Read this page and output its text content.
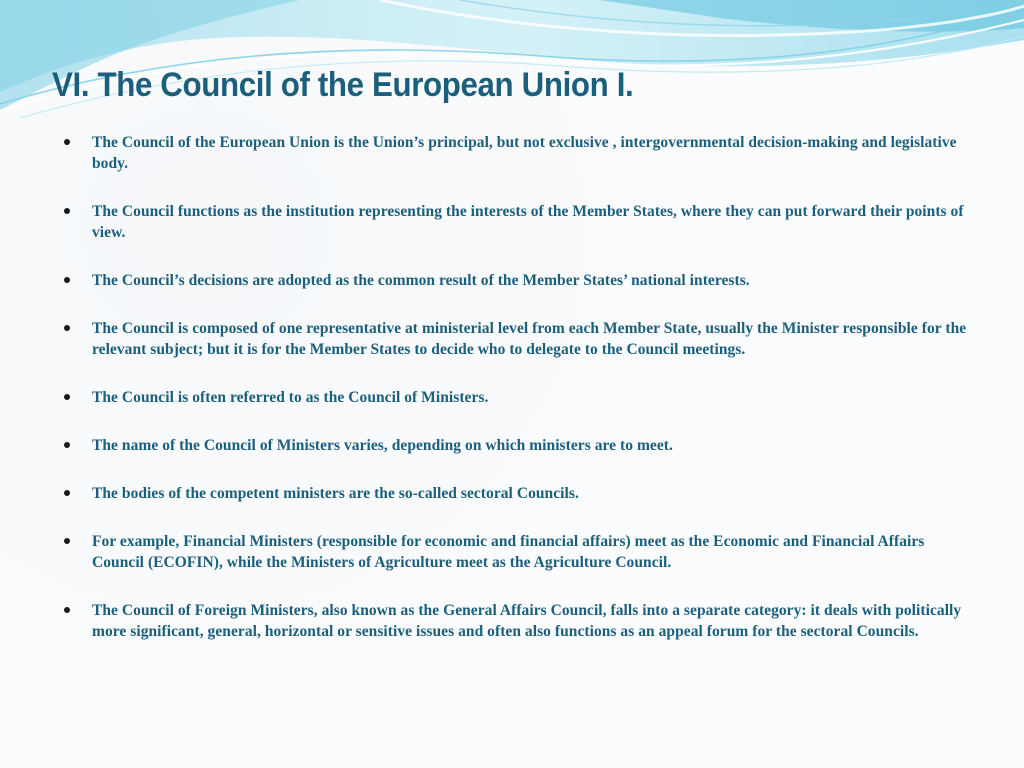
VI. The Council of the European Union I.
The Council of the European Union is the Union’s principal, but not exclusive , intergovernmental decision-making and legislative body.
The Council functions as the institution representing the interests of the Member States, where they can put forward their points of view.
The Council’s decisions are adopted as the common result of the Member States’ national interests.
The Council is composed of one representative at ministerial level from each Member State, usually the Minister responsible for the relevant subject; but it is for the Member States to decide who to delegate to the Council meetings.
The Council is often referred to as the Council of Ministers.
The name of the Council of Ministers varies, depending on which ministers are to meet.
The bodies of the competent ministers are the so-called sectoral Councils.
For example, Financial Ministers (responsible for economic and financial affairs) meet as the Economic and Financial Affairs Council (ECOFIN), while the Ministers of Agriculture meet as the Agriculture Council.
The Council of Foreign Ministers, also known as the General Affairs Council, falls into a separate category: it deals with politically more significant, general, horizontal or sensitive issues and often also functions as an appeal forum for the sectoral Councils.
